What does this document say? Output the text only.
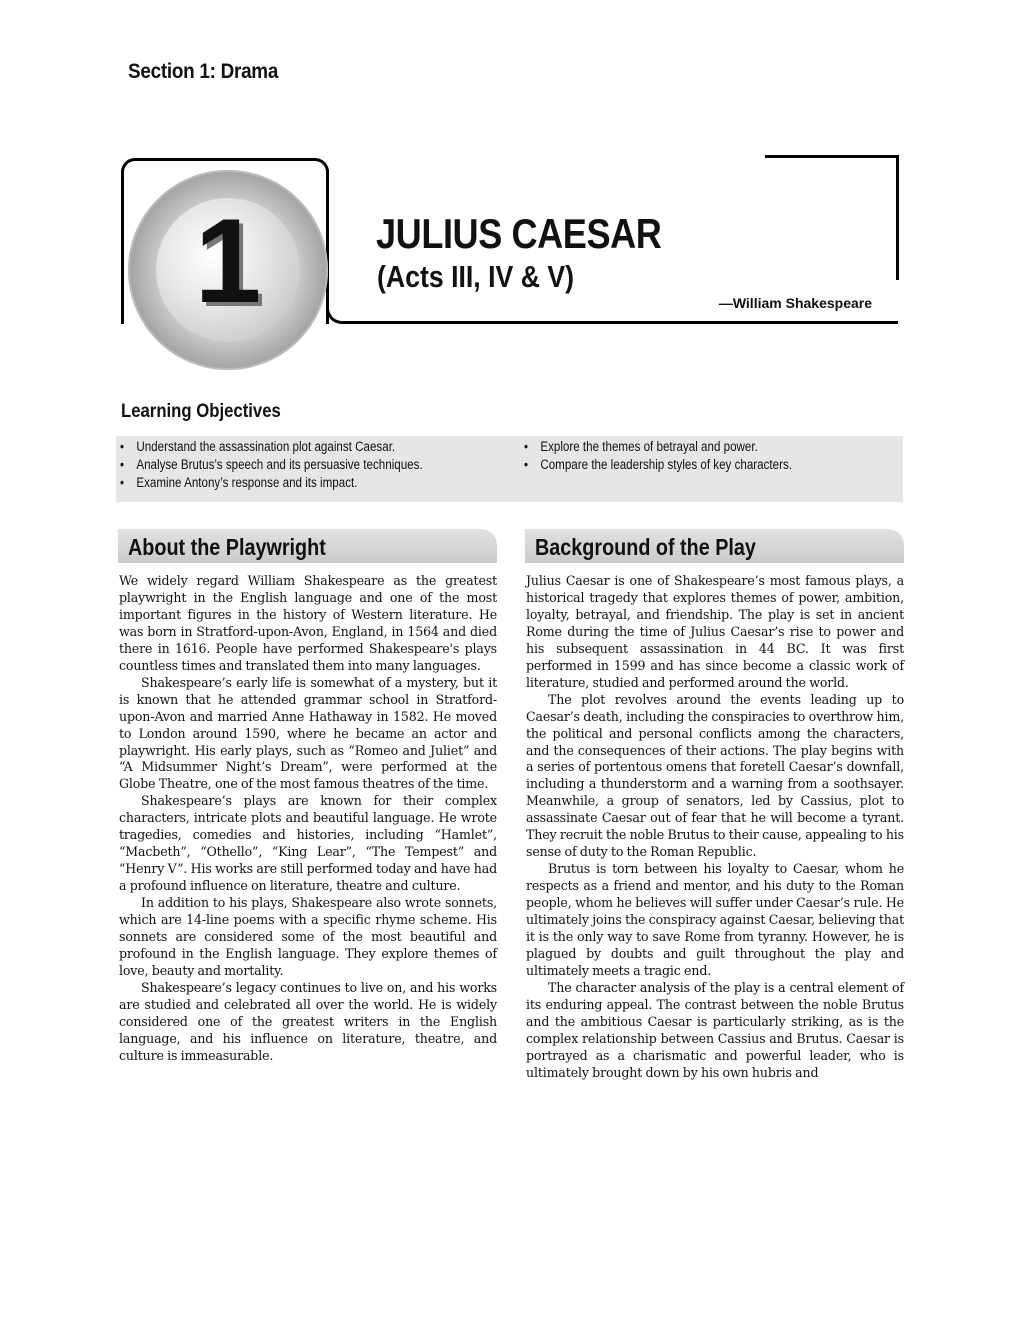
Section 1: Drama
1	JULIUS CAESAR
(Acts III, IV & V)
—William Shakespeare
Learning Objectives
• Understand the assassination plot against Caesar.
• Analyse Brutus’s speech and its persuasive techniques.
• Examine Antony’s response and its impact.
• Explore the themes of betrayal and power.
• Compare the leadership styles of key characters.
About the Playwright	Background of the Play

We widely regard William Shakespeare as the greatest playwright in the English language and one of the most important figures in the history of Western literature. He was born in Stratford-upon-Avon, England, in 1564 and died there in 1616. People have performed Shakespeare's plays countless times and translated them into many languages.

Shakespeare’s early life is somewhat of a mystery, but it is known that he attended grammar school in Stratford-upon-Avon and married Anne Hathaway in 1582. He moved to London around 1590, where he became an actor and playwright. His early plays, such as “Romeo and Juliet” and “A Midsummer Night’s Dream”, were performed at the Globe Theatre, one of the most famous theatres of the time.

Shakespeare’s plays are known for their complex characters, intricate plots and beautiful language. He wrote tragedies, comedies and histories, including “Hamlet”, “Macbeth”, “Othello”, “King Lear”, “The Tempest” and “Henry V”. His works are still performed today and have had a profound influence on literature, theatre and culture.

In addition to his plays, Shakespeare also wrote sonnets, which are 14-line poems with a specific rhyme scheme. His sonnets are considered some of the most beautiful and profound in the English language. They explore themes of love, beauty and mortality.

Shakespeare’s legacy continues to live on, and his works are studied and celebrated all over the world. He is widely considered one of the greatest writers in the English language, and his influence on literature, theatre, and culture is immeasurable.

Julius Caesar is one of Shakespeare’s most famous plays, a historical tragedy that explores themes of power, ambition, loyalty, betrayal, and friendship. The play is set in ancient Rome during the time of Julius Caesar’s rise to power and his subsequent assassination in 44 BC. It was first performed in 1599 and has since become a classic work of literature, studied and performed around the world.

The plot revolves around the events leading up to Caesar’s death, including the conspiracies to overthrow him, the political and personal conflicts among the characters, and the consequences of their actions. The play begins with a series of portentous omens that foretell Caesar’s downfall, including a thunderstorm and a warning from a soothsayer. Meanwhile, a group of senators, led by Cassius, plot to assassinate Caesar out of fear that he will become a tyrant. They recruit the noble Brutus to their cause, appealing to his sense of duty to the Roman Republic.

Brutus is torn between his loyalty to Caesar, whom he respects as a friend and mentor, and his duty to the Roman people, whom he believes will suffer under Caesar’s rule. He ultimately joins the conspiracy against Caesar, believing that it is the only way to save Rome from tyranny. However, he is plagued by doubts and guilt throughout the play and ultimately meets a tragic end.

The character analysis of the play is a central element of its enduring appeal. The contrast between the noble Brutus and the ambitious Caesar is particularly striking, as is the complex relationship between Cassius and Brutus. Caesar is portrayed as a charismatic and powerful leader, who is ultimately brought down by his own hubris and
